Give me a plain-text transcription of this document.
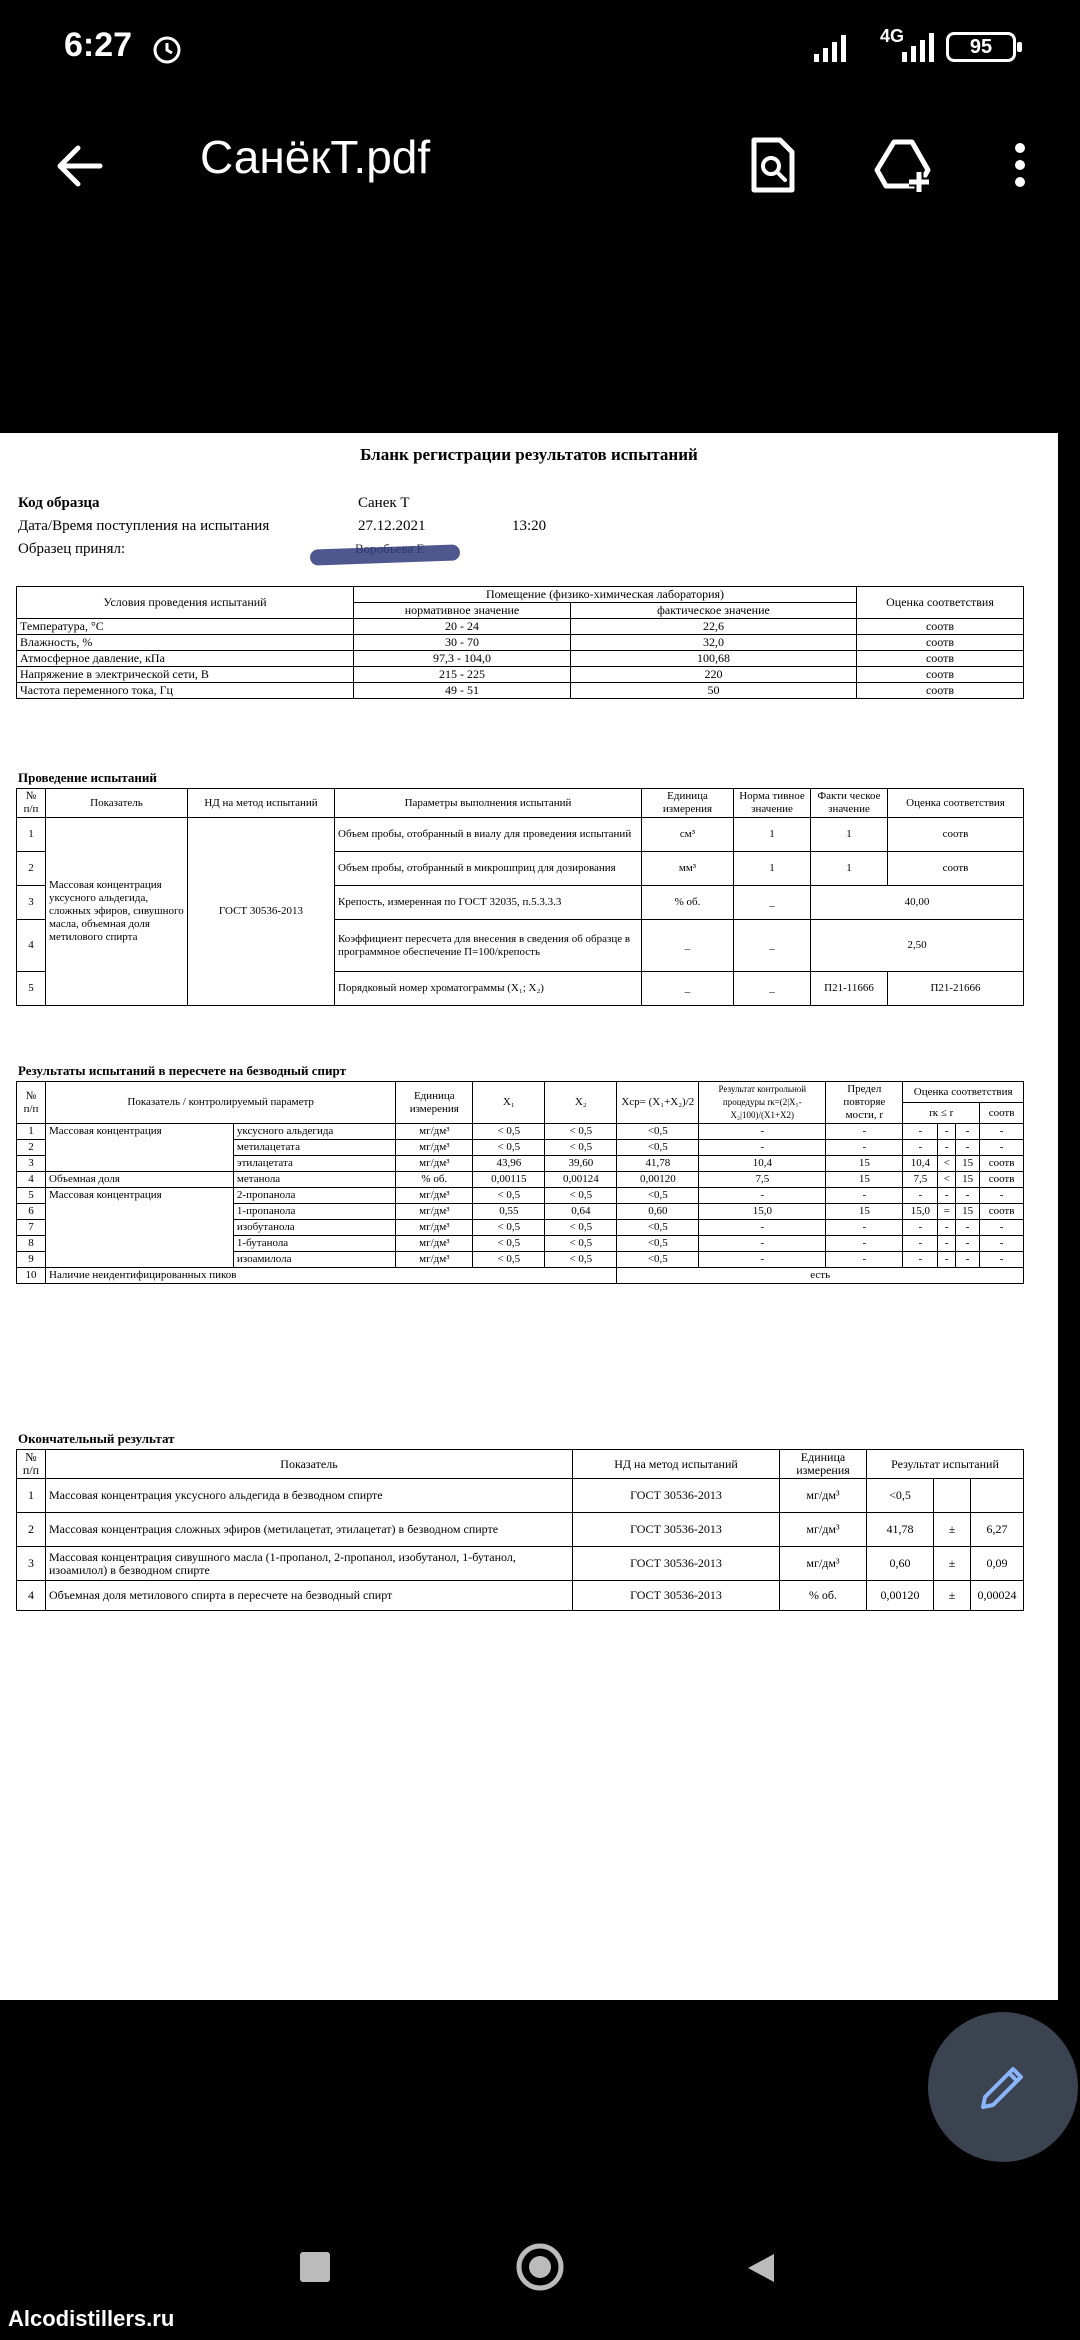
6:27	4G	95
СанёкТ.pdf
Бланк регистрации результатов испытаний
Код образца	Санек Т
Дата/Время поступления на испытания	27.12.2021	13:20
Образец принял:
Условия проведения испытаний	Помещение (физико-химическая лаборатория)		Оценка соответствия
	нормативное значение	фактическое значение	
Температура, °С	20 - 24	22,6	соотв
Влажность, %	30 - 70	32,0	соотв
Атмосферное давление, кПа	97,3 - 104,0	100,68	соотв
Напряжение в электрической сети, В	215 - 225	220	соотв
Частота переменного тока, Гц	49 - 51	50	соотв
Проведение испытаний
№ п/п	Показатель	НД на метод испытаний	Параметры выполнения испытаний	Единица измерения	Норма тивное значение	Факти ческое значение	Оценка соответствия
1	Массовая концентрация уксусного альдегида, сложных эфиров, сивушного масла, объемная доля метилового спирта	ГОСТ 30536-2013	Объем пробы, отобранный в виалу для проведения испытаний	см³	1	1	соотв
2			Объем пробы, отобранный в микрошприц для дозирования	мм³	1	1	соотв
3			Крепость, измеренная по ГОСТ 32035, п.5.3.3.3	% об.	_	40,00	
4			Коэффициент пересчета для внесения в сведения об образце в программное обеспечение П=100/крепость	_	_	2,50	
5			Порядковый номер хроматограммы (X₁; X₂)	_	_	П21-11666	П21-21666
Результаты испытаний в пересчете на безводный спирт
№ п/п	Показатель / контролируемый параметр		Единица измерения	X₁	X₂	Xср= (X₁+X₂)/2	Результат контрольной процедуры rк=(2|X₁-X₂|100)/(X1+X2)	Предел повторяе мости, r	Оценка соответствия			
									rк ≤ r			соотв
1	Массовая концентрация	уксусного альдегида	мг/дм³	< 0,5	< 0,5	<0,5	-	-	-	-	-	-
2		метилацетата	мг/дм³	< 0,5	< 0,5	<0,5	-	-	-	-	-	-
3		этилацетата	мг/дм³	43,96	39,60	41,78	10,4	15	10,4	<	15	соотв
4	Объемная доля	метанола	% об.	0,00115	0,00124	0,00120	7,5	15	7,5	<	15	соотв
5	Массовая концентрация	2-пропанола	мг/дм³	< 0,5	< 0,5	<0,5	-	-	-	-	-	-
6		1-пропанола	мг/дм³	0,55	0,64	0,60	15,0	15	15,0	=	15	соотв
7		изобутанола	мг/дм³	< 0,5	< 0,5	<0,5	-	-	-	-	-	-
8		1-бутанола	мг/дм³	< 0,5	< 0,5	<0,5	-	-	-	-	-	-
9		изоамилола	мг/дм³	< 0,5	< 0,5	<0,5	-	-	-	-	-	-
10	Наличие неидентифицированных пиков					есть						
Окончательный результат
№ п/п	Показатель	НД на метод испытаний	Единица измерения	Результат испытаний		
1	Массовая концентрация уксусного альдегида в безводном спирте	ГОСТ 30536-2013	мг/дм³	<0,5		
2	Массовая концентрация сложных эфиров (метилацетат, этилацетат) в безводном спирте	ГОСТ 30536-2013	мг/дм³	41,78	±	6,27
3	Массовая концентрация сивушного масла (1-пропанол, 2-пропанол, изобутанол, 1-бутанол, изоамилол) в безводном спирте	ГОСТ 30536-2013	мг/дм³	0,60	±	0,09
4	Объемная доля метилового спирта в пересчете на безводный спирт	ГОСТ 30536-2013	% об.	0,00120	±	0,00024
Alcodistillers.ru
